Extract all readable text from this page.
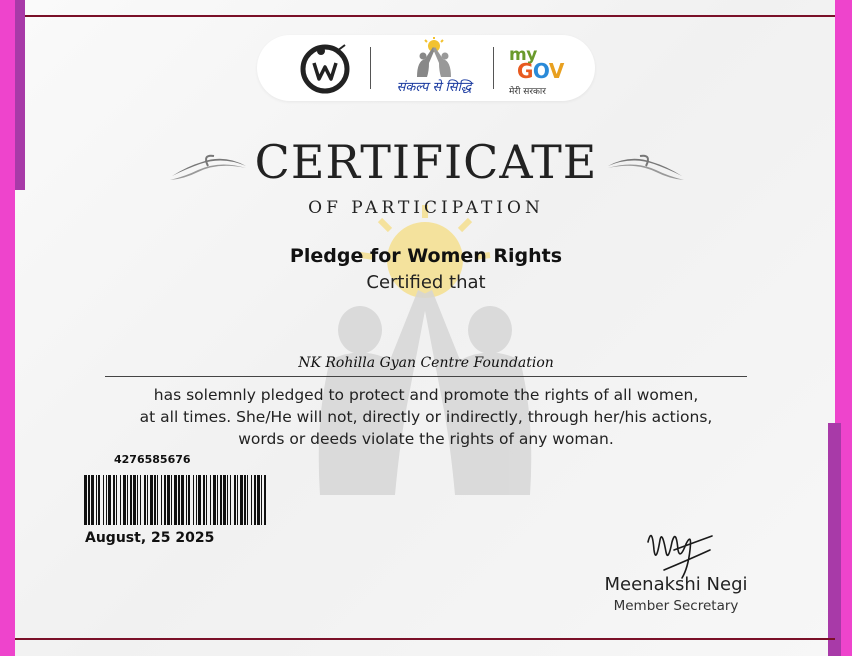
संकल्प से सिद्धि
my
GOV
मेरी सरकार
CERTIFICATE
OF PARTICIPATION
Pledge for Women Rights
Certified that
NK Rohilla Gyan Centre Foundation
has solemnly pledged to protect and promote the rights of all women,
at all times. She/He will not, directly or indirectly, through her/his actions,
words or deeds violate the rights of any woman.
4276585676
August, 25 2025
Meenakshi Negi
Member Secretary
